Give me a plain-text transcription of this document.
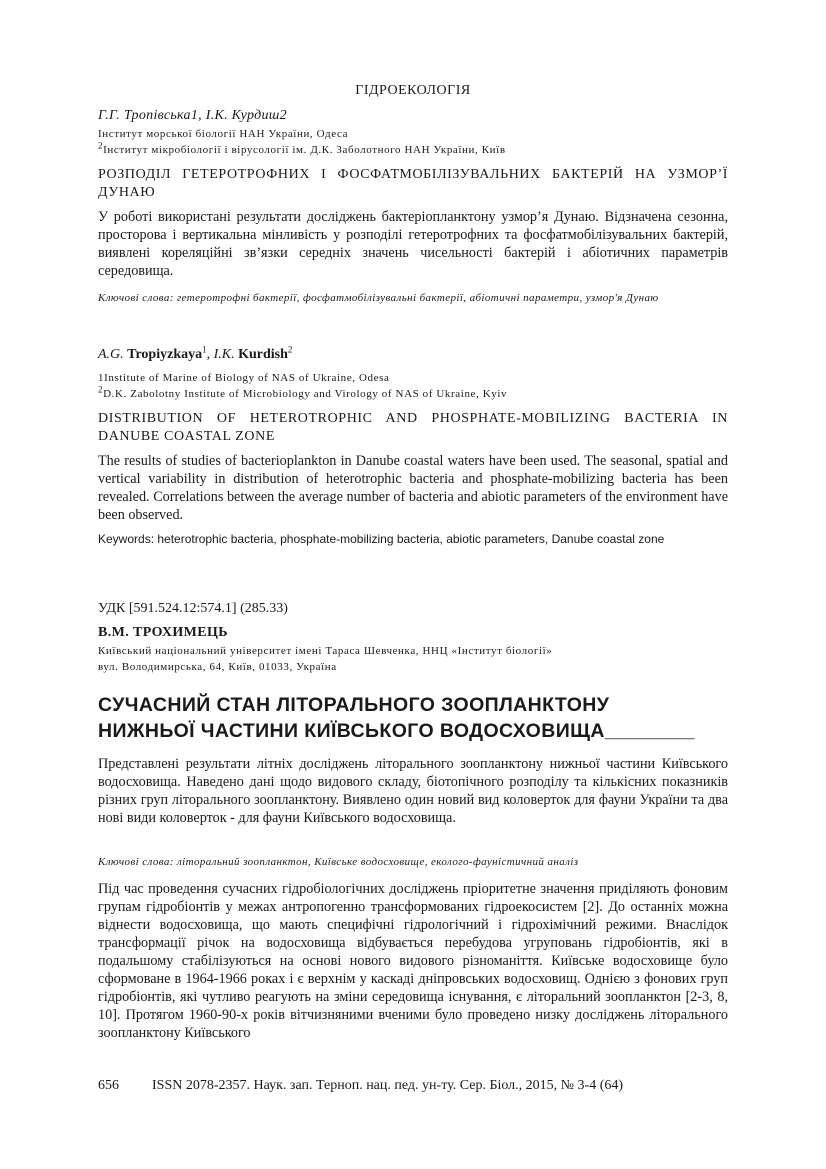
ГІДРОЕКОЛОГІЯ
Г.Г. Тропівська1, І.К. Курдиш2
Інститут морської біології НАН України, Одеса
$^2$Інститут мікробіології і вірусології ім. Д.К. Заболотного НАН України, Київ
РОЗПОДІЛ ГЕТЕРОТРОФНИХ І ФОСФАТМОБІЛІЗУВАЛЬНИХ БАКТЕРІЙ НА УЗМОР’Ї ДУНАЮ
У роботі використані результати досліджень бактеріопланктону узмор’я Дунаю. Відзначена сезонна, просторова і вертикальна мінливість у розподілі гетеротрофних та фосфатмобілізувальних бактерій, виявлені кореляційні зв’язки середніх значень чисельності бактерій і абіотичних параметрів середовища.
Ключові слова: гетеротрофні бактерії, фосфатмобілізувальні бактерії, абіотичні параметри, узмор'я Дунаю
A.G. Tropiyzkaya$^1$, I.K. Kurdish$^2$
1Institute of Marine of Biology of NAS of Ukraine, Odesa
$^2$D.K. Zabolotny Institute of Microbiology and Virology of NAS of Ukraine, Kyiv
DISTRIBUTION OF HETEROTROPHIC AND PHOSPHATE-MOBILIZING BACTERIA IN DANUBE COASTAL ZONE
The results of studies of bacterioplankton in Danube coastal waters have been used. The seasonal, spatial and vertical variability in distribution of heterotrophic bacteria and phosphate-mobilizing bacteria has been revealed. Correlations between the average number of bacteria and abiotic parameters of the environment have been observed.
Keywords: heterotrophic bacteria, phosphate-mobilizing bacteria, abiotic parameters, Danube coastal zone
УДК [591.524.12:574.1] (285.33)
В.М. ТРОХИМЕЦЬ
Київський національний університет імені Тараса Шевченка, ННЦ «Інститут біології»
вул. Володимирська, 64, Київ, 01033, Україна
СУЧАСНИЙ СТАН ЛІТОРАЛЬНОГО ЗООПЛАНКТОНУ
НИЖНЬОЇ ЧАСТИНИ КИЇВСЬКОГО ВОДОСХОВИЩА________
Представлені результати літніх досліджень літорального зоопланктону нижньої частини Київського водосховища. Наведено дані щодо видового складу, біотопічного розподілу та кількісних показників різних груп літорального зоопланктону. Виявлено один новий вид коловерток для фауни України та два нові види коловерток - для фауни Київського водосховища.
Ключові слова: літоральний зоопланктон, Київське водосховище, еколого-фауністичний аналіз
Під час проведення сучасних гідробіологічних досліджень пріоритетне значення приділяють фоновим групам гідробіонтів у межах антропогенно трансформованих гідроекосистем [2]. До останніх можна віднести водосховища, що мають специфічні гідрологічний і гідрохімічний режими. Внаслідок трансформації річок на водосховища відбувається перебудова угруповань гідробіонтів, які в подальшому стабілізуються на основі нового видового різноманіття. Київське водосховище було сформоване в 1964-1966 роках і є верхнім у каскаді дніпровських водосховищ. Однією з фонових груп гідробіонтів, які чутливо реагують на зміни середовища існування, є літоральний зоопланктон [2-3, 8, 10]. Протягом 1960-90-х років вітчизняними вченими було проведено низку досліджень літорального зоопланктону Київського
656 ISSN 2078-2357. Наук. зап. Терноп. нац. пед. ун-ту. Сер. Біол., 2015, № 3-4 (64)
